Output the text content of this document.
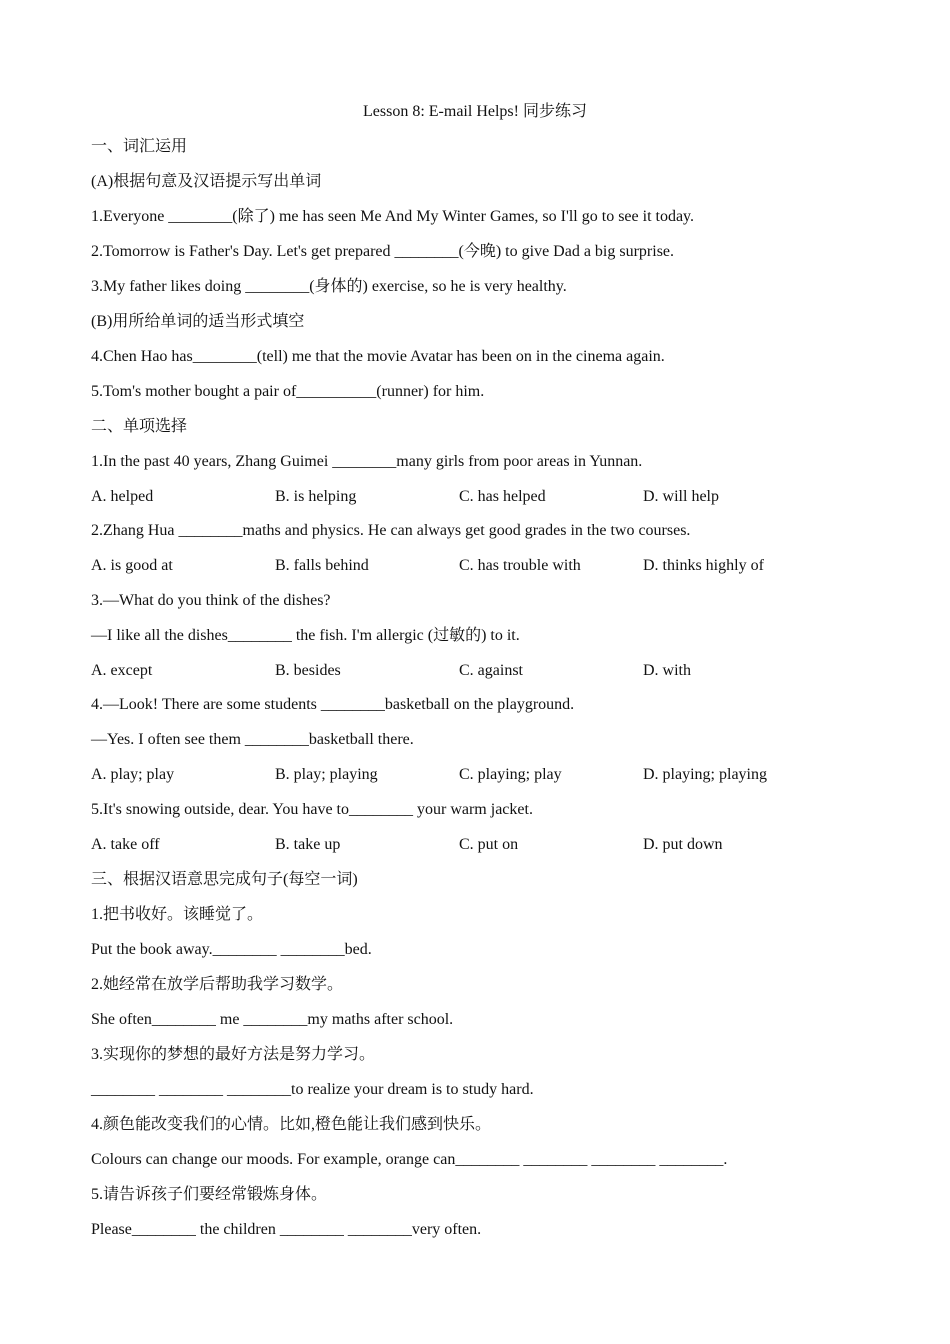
Lesson 8: E-mail Helps! 同步练习
一、词汇运用
(A)根据句意及汉语提示写出单词
1.Everyone ________(除了) me has seen Me And My Winter Games, so I'll go to see it today.
2.Tomorrow is Father's Day. Let's get prepared ________(今晚) to give Dad a big surprise.
3.My father likes doing ________(身体的) exercise, so he is very healthy.
(B)用所给单词的适当形式填空
4.Chen Hao has________(tell) me that the movie Avatar has been on in the cinema again.
5.Tom's mother bought a pair of__________(runner) for him.
二、单项选择
1.In the past 40 years, Zhang Guimei ________many girls from poor areas in Yunnan.
A. helped	B. is helping	C. has helped	D. will help
2.Zhang Hua ________maths and physics. He can always get good grades in the two courses.
A. is good at	B. falls behind	C. has trouble with	D. thinks highly of
3.—What do you think of the dishes?
—I like all the dishes________ the fish. I'm allergic (过敏的) to it.
A. except	B. besides	C. against	D. with
4.—Look! There are some students ________basketball on the playground.
—Yes. I often see them ________basketball there.
A. play; play	B. play; playing	C. playing; play	D. playing; playing
5.It's snowing outside, dear. You have to________ your warm jacket.
A. take off	B. take up	C. put on	D. put down
三、根据汉语意思完成句子(每空一词)
1.把书收好。该睡觉了。
Put the book away.________ ________bed.
2.她经常在放学后帮助我学习数学。
She often________ me ________my maths after school.
3.实现你的梦想的最好方法是努力学习。
________ ________ ________to realize your dream is to study hard.
4.颜色能改变我们的心情。比如,橙色能让我们感到快乐。
Colours can change our moods. For example, orange can________ ________ ________ ________.
5.请告诉孩子们要经常锻炼身体。
Please________ the children ________ ________very often.
